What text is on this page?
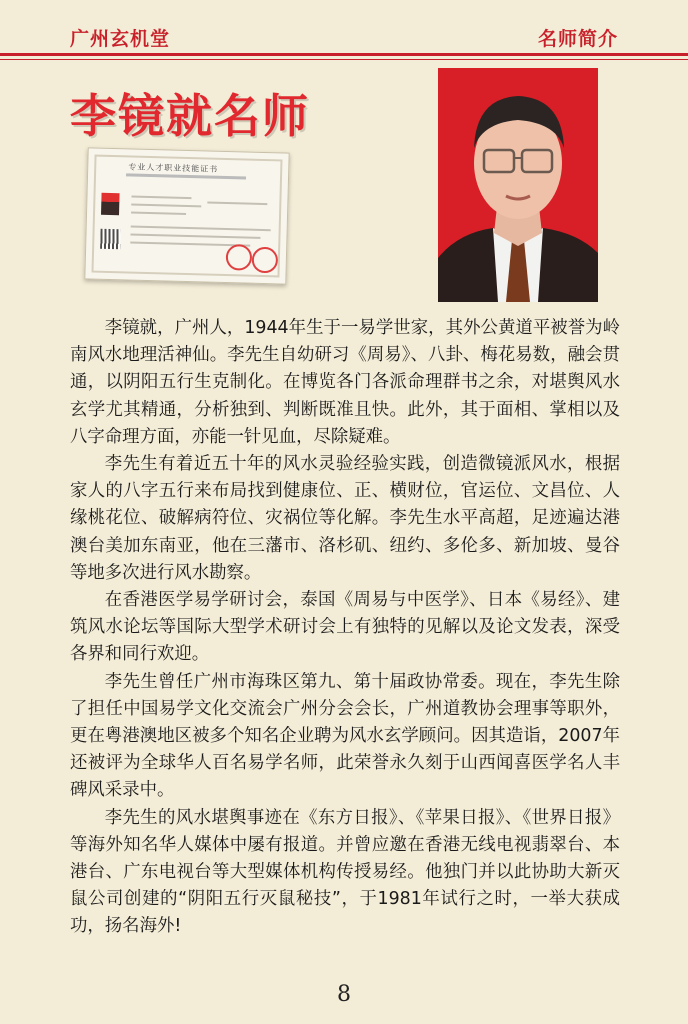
广州玄机堂	名师简介
李镜就名师
专业人才职业技能证书

李镜就，广州人，1944年生于一易学世家，其外公黄道平被誉为岭南风水地理活神仙。李先生自幼研习《周易》、八卦、梅花易数，融会贯通，以阴阳五行生克制化。在博览各门各派命理群书之余，对堪舆风水玄学尤其精通，分析独到、判断既准且快。此外，其于面相、掌相以及八字命理方面，亦能一针见血，尽除疑难。

李先生有着近五十年的风水灵验经验实践，创造微镜派风水，根据家人的八字五行来布局找到健康位、正、横财位，官运位、文昌位、人缘桃花位、破解病符位、灾祸位等化解。李先生水平高超，足迹遍达港澳台美加东南亚，他在三藩市、洛杉矶、纽约、多伦多、新加坡、曼谷等地多次进行风水勘察。

在香港医学易学研讨会，泰国《周易与中医学》、日本《易经》、建筑风水论坛等国际大型学术研讨会上有独特的见解以及论文发表，深受各界和同行欢迎。

李先生曾任广州市海珠区第九、第十届政协常委。现在，李先生除了担任中国易学文化交流会广州分会会长，广州道教协会理事等职外，更在粤港澳地区被多个知名企业聘为风水玄学顾问。因其造诣，2007年还被评为全球华人百名易学名师，此荣誉永久刻于山西闻喜医学名人丰碑风采录中。

李先生的风水堪舆事迹在《东方日报》、《苹果日报》、《世界日报》等海外知名华人媒体中屡有报道。并曾应邀在香港无线电视翡翠台、本港台、广东电视台等大型媒体机构传授易经。他独门并以此协助大新灭鼠公司创建的“阴阳五行灭鼠秘技”，于1981年试行之时，一举大获成功，扬名海外!

8
